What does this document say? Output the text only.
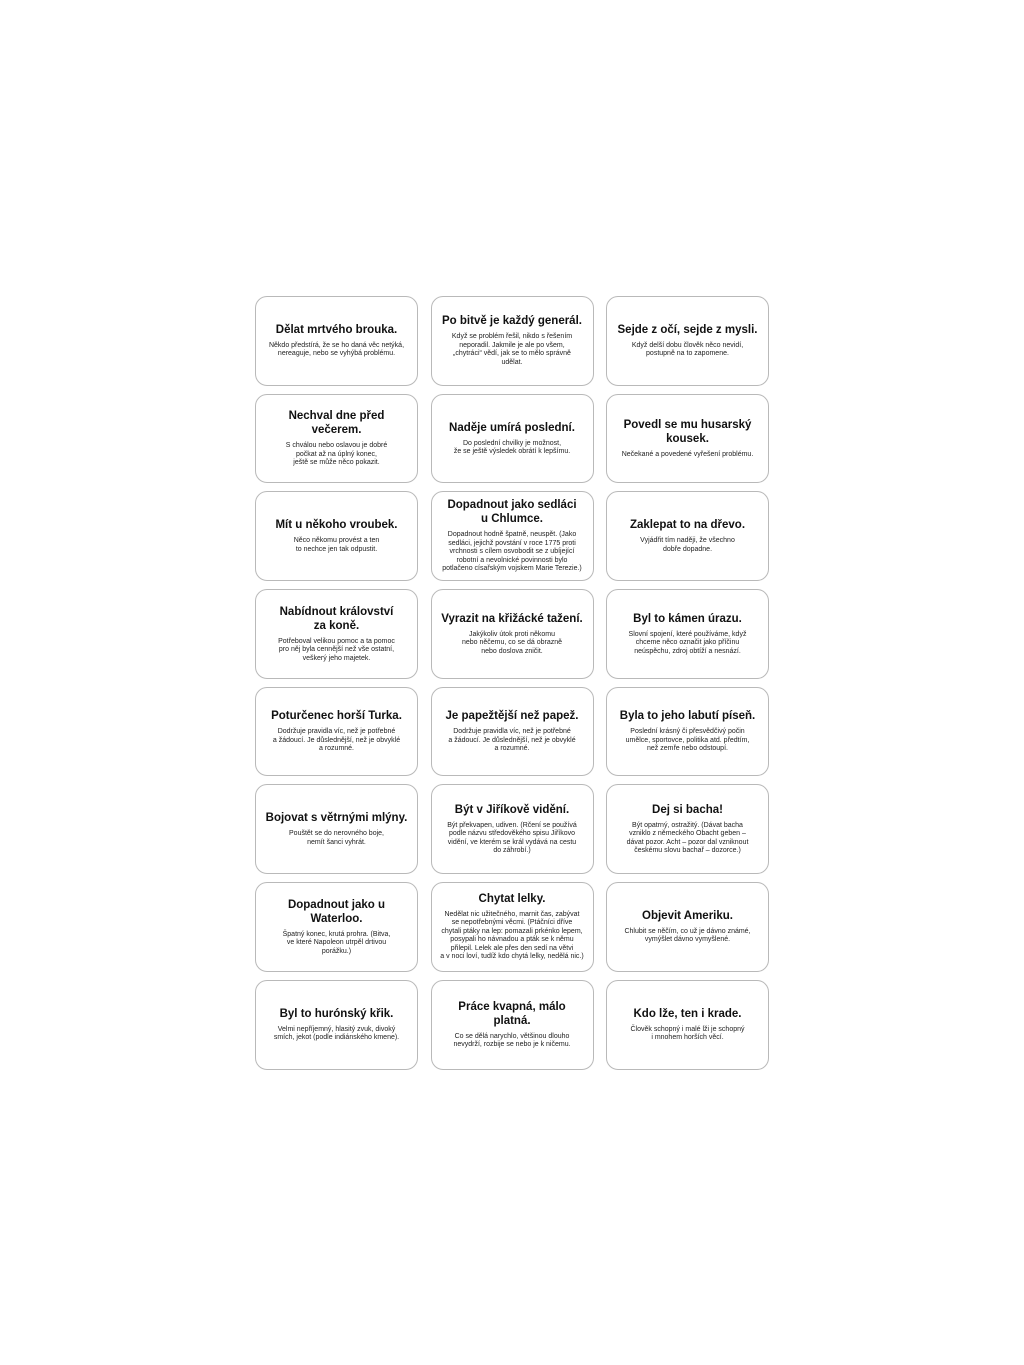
Dělat mrtvého brouka.
Někdo předstírá, že se ho daná věc netýká,
nereaguje, nebo se vyhýbá problému.
Po bitvě je každý generál.
Když se problém řešil, nikdo s řešením
neporadil. Jakmile je ale po všem,
„chytráci“ vědí, jak se to mělo správně
udělat.
Sejde z očí, sejde z mysli.
Když delší dobu člověk něco nevidí,
postupně na to zapomene.
Nechval dne před večerem.
S chválou nebo oslavou je dobré
počkat až na úplný konec,
ještě se může něco pokazit.
Naděje umírá poslední.
Do poslední chvilky je možnost,
že se ještě výsledek obrátí k lepšímu.
Povedl se mu husarský
kousek.
Nečekané a povedené vyřešení problému.
Mít u někoho vroubek.
Něco někomu provést a ten
to nechce jen tak odpustit.
Dopadnout jako sedláci
u Chlumce.
Dopadnout hodně špatně, neuspět. (Jako
sedláci, jejichž povstání v roce 1775 proti
vrchnosti s cílem osvobodit se z ubíjející
robotní a nevolnické povinnosti bylo
potlačeno císařským vojskem Marie Terezie.)
Zaklepat to na dřevo.
Vyjádřit tím naději, že všechno
dobře dopadne.
Nabídnout království
za koně.
Potřeboval velikou pomoc a ta pomoc
pro něj byla cennější než vše ostatní,
veškerý jeho majetek.
Vyrazit na křižácké tažení.
Jakýkoliv útok proti někomu
nebo něčemu, co se dá obrazně
nebo doslova zničit.
Byl to kámen úrazu.
Slovní spojení, které používáme, když
chceme něco označit jako příčinu
neúspěchu, zdroj obtíží a nesnází.
Poturčenec horší Turka.
Dodržuje pravidla víc, než je potřebné
a žádoucí. Je důslednější, než je obvyklé
a rozumné.
Je papežtější než papež.
Dodržuje pravidla víc, než je potřebné
a žádoucí. Je důslednější, než je obvyklé
a rozumné.
Byla to jeho labutí píseň.
Poslední krásný či přesvědčivý počin
umělce, sportovce, politika atd. předtím,
než zemře nebo odstoupí.
Bojovat s větrnými mlýny.
Pouštět se do nerovného boje,
nemít šanci vyhrát.
Být v Jiříkově vidění.
Být překvapen, udiven. (Rčení se používá
podle názvu středověkého spisu Jiříkovo
vidění, ve kterém se král vydává na cestu
do záhrobí.)
Dej si bacha!
Být opatrný, ostražitý. (Dávat bacha
vzniklo z německého Obacht geben –
dávat pozor. Acht – pozor dal vzniknout
českému slovu bachař – dozorce.)
Dopadnout jako u Waterloo.
Špatný konec, krutá prohra. (Bitva,
ve které Napoleon utrpěl drtivou
porážku.)
Chytat lelky.
Nedělat nic užitečného, marnit čas, zabývat
se nepotřebnými věcmi. (Ptáčníci dříve
chytali ptáky na lep: pomazali prkénko lepem,
posypali ho návnadou a pták se k němu
přilepil. Lelek ale přes den sedí na větvi
a v noci loví, tudíž kdo chytá lelky, nedělá nic.)
Objevit Ameriku.
Chlubit se něčím, co už je dávno známé,
vymýšlet dávno vymyšlené.
Byl to hurónský křik.
Velmi nepříjemný, hlasitý zvuk, divoký
smích, jekot (podle indiánského kmene).
Práce kvapná, málo platná.
Co se dělá narychlo, většinou dlouho
nevydrží, rozbije se nebo je k ničemu.
Kdo lže, ten i krade.
Člověk schopný i malé lži je schopný
i mnohem horších věcí.
